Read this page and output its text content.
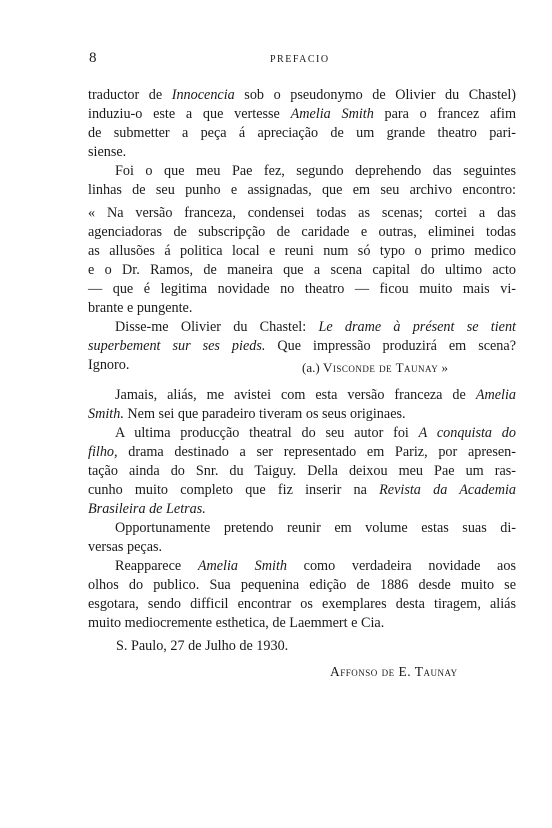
8	PREFACIO

traductor de Innocencia sob o pseudonymo de Olivier du Chastel)

induziu-o este a que vertesse Amelia Smith para o francez afim

de submetter a peça á apreciação de um grande theatro pari-

siense.

Foi o que meu Pae fez, segundo deprehendo das seguintes

linhas de seu punho e assignadas, que em seu archivo encontro:

« Na versão franceza, condensei todas as scenas; cortei a das

agenciadoras de subscripção de caridade e outras, eliminei todas

as allusões á politica local e reuni num só typo o primo medico

e o Dr. Ramos, de maneira que a scena capital do ultimo acto

— que é legitima novidade no theatro — ficou muito mais vi-

brante e pungente.

Disse-me Olivier du Chastel: Le drame à présent se tient

superbement sur ses pieds. Que impressão produzirá em scena?

Ignoro.	(a.) Visconde de Taunay »

Jamais, aliás, me avistei com esta versão franceza de Amelia

Smith. Nem sei que paradeiro tiveram os seus originaes.

A ultima producção theatral do seu autor foi A conquista do

filho, drama destinado a ser representado em Pariz, por apresen-

tação ainda do Snr. du Taiguy. Della deixou meu Pae um ras-

cunho muito completo que fiz inserir na Revista da Academia

Brasileira de Letras.

Opportunamente pretendo reunir em volume estas suas di-

versas peças.

Reapparece Amelia Smith como verdadeira novidade aos

olhos do publico. Sua pequenina edição de 1886 desde muito se

esgotara, sendo difficil encontrar os exemplares desta tiragem, aliás

muito mediocremente esthetica, de Laemmert e Cia.

S. Paulo, 27 de Julho de 1930.

Affonso de E. Taunay
